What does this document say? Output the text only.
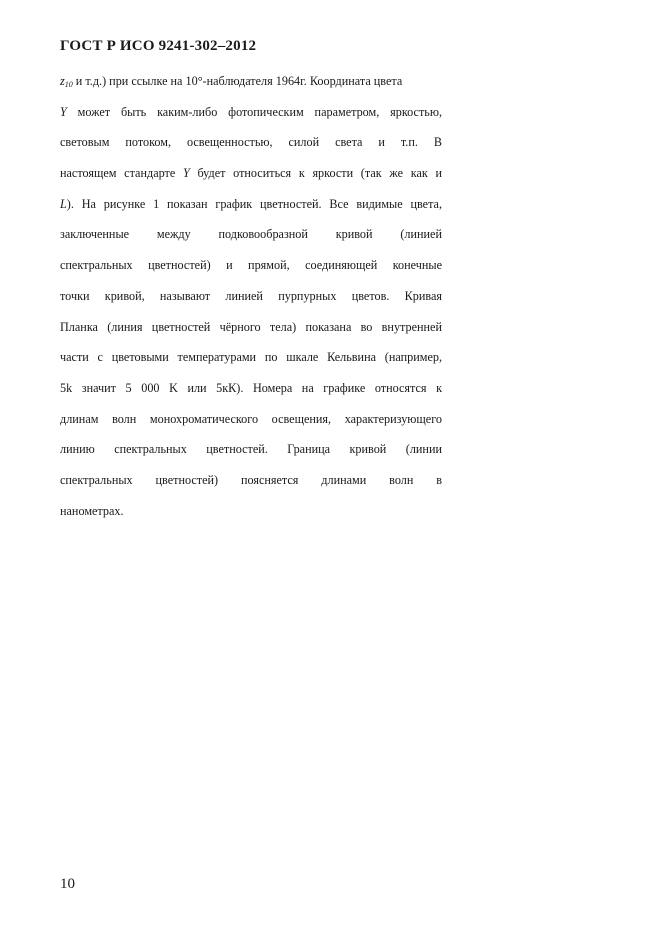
ГОСТ Р ИСО 9241-302–2012
$z_{10}$ и т.д.) при ссылке на 10°-наблюдателя 1964г. Координата цвета
Y может быть каким-либо фотопическим параметром, яркостью,
световым потоком, освещенностью, силой света и т.п. В
настоящем стандарте Y будет относиться к яркости (так же как и
L). На рисунке 1 показан график цветностей. Все видимые цвета,
заключенные между подковообразной кривой (линией
спектральных цветностей) и прямой, соединяющей конечные
точки кривой, называют линией пурпурных цветов. Кривая
Планка (линия цветностей чёрного тела) показана во внутренней
части с цветовыми температурами по шкале Кельвина (например,
5k значит 5 000 K или 5кК). Номера на графике относятся к
длинам волн монохроматического освещения, характеризующего
линию спектральных цветностей. Граница кривой (линии
спектральных цветностей) поясняется длинами волн в
нанометрах.
10
